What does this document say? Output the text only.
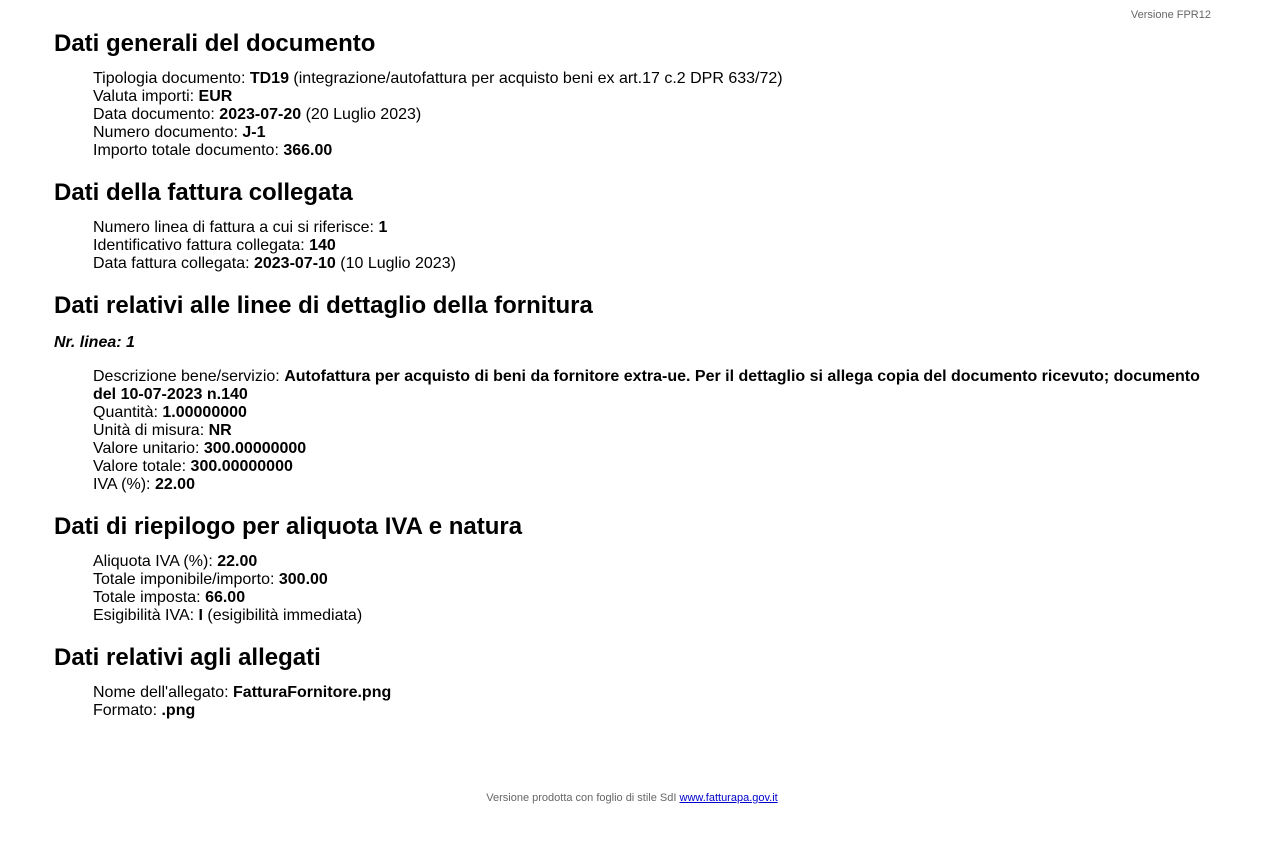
Versione FPR12
Dati generali del documento
Tipologia documento: TD19 (integrazione/autofattura per acquisto beni ex art.17 c.2 DPR 633/72)
Valuta importi: EUR
Data documento: 2023-07-20 (20 Luglio 2023)
Numero documento: J-1
Importo totale documento: 366.00
Dati della fattura collegata
Numero linea di fattura a cui si riferisce: 1
Identificativo fattura collegata: 140
Data fattura collegata: 2023-07-10 (10 Luglio 2023)
Dati relativi alle linee di dettaglio della fornitura
Nr. linea: 1
Descrizione bene/servizio: Autofattura per acquisto di beni da fornitore extra-ue. Per il dettaglio si allega copia del documento ricevuto; documento del 10-07-2023 n.140
Quantità: 1.00000000
Unità di misura: NR
Valore unitario: 300.00000000
Valore totale: 300.00000000
IVA (%): 22.00
Dati di riepilogo per aliquota IVA e natura
Aliquota IVA (%): 22.00
Totale imponibile/importo: 300.00
Totale imposta: 66.00
Esigibilità IVA: I (esigibilità immediata)
Dati relativi agli allegati
Nome dell'allegato: FatturaFornitore.png
Formato: .png
Versione prodotta con foglio di stile SdI www.fatturapa.gov.it
